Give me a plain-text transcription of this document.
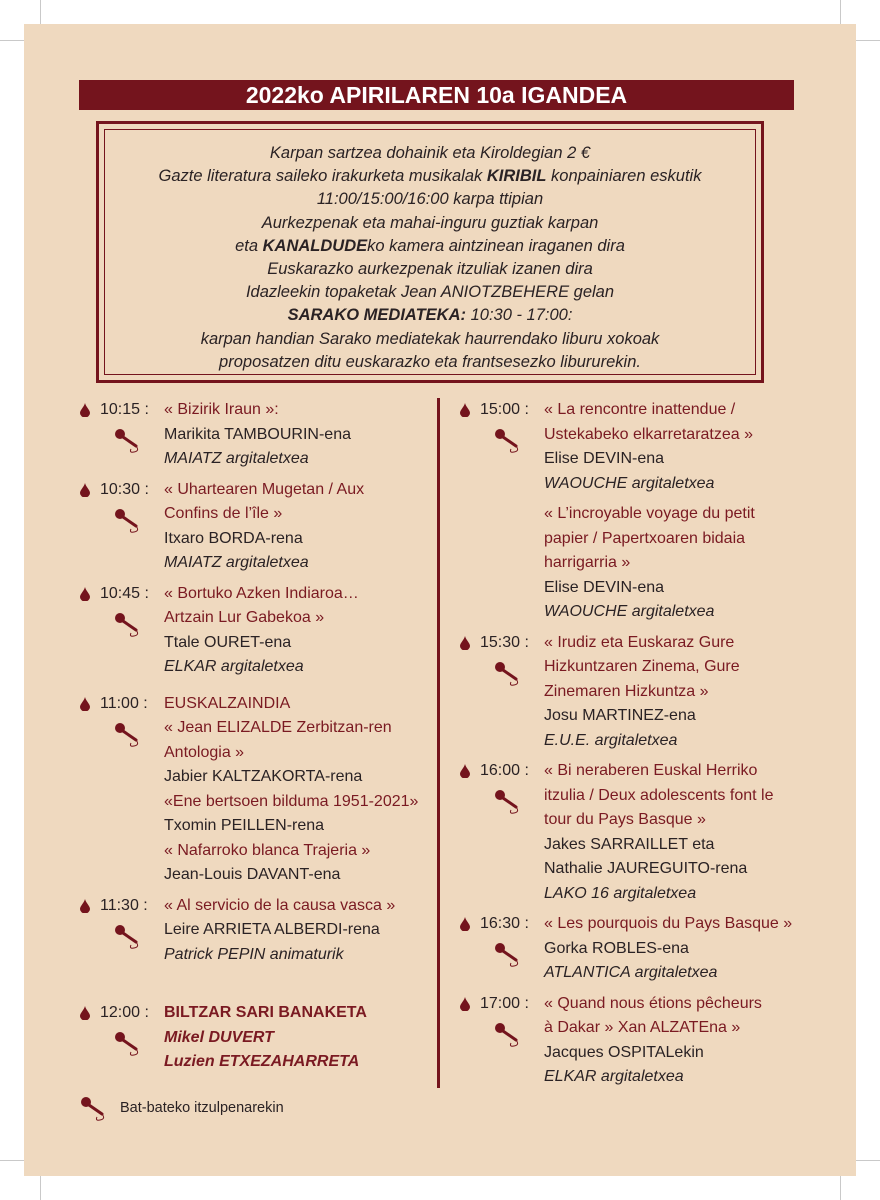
2022ko APIRILAREN 10a IGANDEA
Karpan sartzea dohainik eta Kiroldegian 2 €
Gazte literatura saileko irakurketa musikalak KIRIBIL konpainiaren eskutik
11:00/15:00/16:00 karpa ttipian
Aurkezpenak eta mahai-inguru guztiak karpan
eta KANALDUDEko kamera aintzinean iraganen dira
Euskarazko aurkezpenak itzuliak izanen dira
Idazleekin topaketak Jean ANIOTZBEHERE gelan
SARAKO MEDIATEKA: 10:30 - 17:00:
karpan handian Sarako mediatekak haurrendako liburu xokoak
proposatzen ditu euskarazko eta frantsesezko libururekin.
10:15 : « Bizirik Iraun »:
Marikita TAMBOURIN-ena
MAIATZ argitaletxea
10:30 : « Uhartearen Mugetan / Aux
Confins de l’île »
Itxaro BORDA-rena
MAIATZ argitaletxea
10:45 : « Bortuko Azken Indiaroa…
Artzain Lur Gabekoa »
Ttale OURET-ena
ELKAR argitaletxea
11:00 : EUSKALZAINDIA
« Jean ELIZALDE Zerbitzan-ren
Antologia »
Jabier KALTZAKORTA-rena
«Ene bertsoen bilduma 1951-2021»
Txomin PEILLEN-rena
« Nafarroko blanca Trajeria »
Jean-Louis DAVANT-ena
11:30 : « Al servicio de la causa vasca »
Leire ARRIETA ALBERDI-rena
Patrick PEPIN animaturik
12:00 : BILTZAR SARI BANAKETA
Mikel DUVERT
Luzien ETXEZAHARRETA
15:00 : « La rencontre inattendue /
Ustekabeko elkarretaratzea »
Elise DEVIN-ena
WAOUCHE argitaletxea
« L’incroyable voyage du petit
papier / Papertxoaren bidaia
harrigarria »
Elise DEVIN-ena
WAOUCHE argitaletxea
15:30 : « Irudiz eta Euskaraz Gure
Hizkuntzaren Zinema, Gure
Zinemaren Hizkuntza »
Josu MARTINEZ-ena
E.U.E. argitaletxea
16:00 : « Bi neraberen Euskal Herriko
itzulia / Deux adolescents font le
tour du Pays Basque »
Jakes SARRAILLET eta
Nathalie JAUREGUITO-rena
LAKO 16 argitaletxea
16:30 : « Les pourquois du Pays Basque »
Gorka ROBLES-ena
ATLANTICA argitaletxea
17:00 : « Quand nous étions pêcheurs
à Dakar » Xan ALZATEna »
Jacques OSPITALekin
ELKAR argitaletxea
Bat-bateko itzulpenarekin
